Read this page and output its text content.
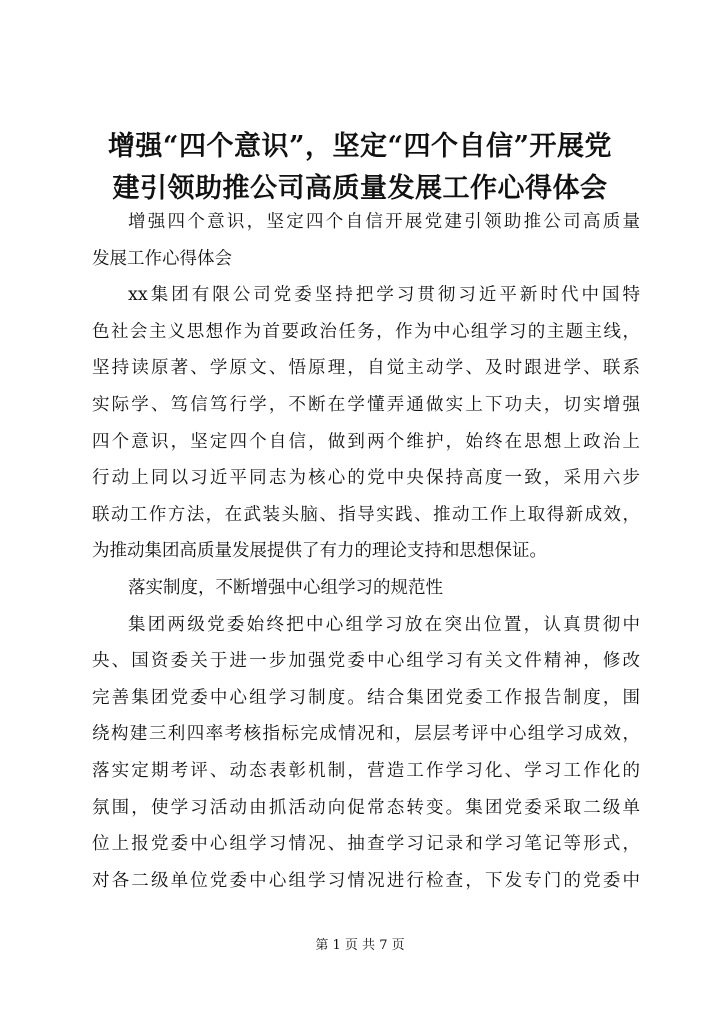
增强“四个意识”，坚定“四个自信”开展党
建引领助推公司高质量发展工作心得体会
增强四个意识，坚定四个自信开展党建引领助推公司高质量
发展工作心得体会
xx集团有限公司党委坚持把学习贯彻习近平新时代中国特
色社会主义思想作为首要政治任务，作为中心组学习的主题主线，
坚持读原著、学原文、悟原理，自觉主动学、及时跟进学、联系
实际学、笃信笃行学，不断在学懂弄通做实上下功夫，切实增强
四个意识，坚定四个自信，做到两个维护，始终在思想上政治上
行动上同以习近平同志为核心的党中央保持高度一致，采用六步
联动工作方法，在武装头脑、指导实践、推动工作上取得新成效，
为推动集团高质量发展提供了有力的理论支持和思想保证。
落实制度，不断增强中心组学习的规范性
集团两级党委始终把中心组学习放在突出位置，认真贯彻中
央、国资委关于进一步加强党委中心组学习有关文件精神，修改
完善集团党委中心组学习制度。结合集团党委工作报告制度，围
绕构建三利四率考核指标完成情况和，层层考评中心组学习成效，
落实定期考评、动态表彰机制，营造工作学习化、学习工作化的
氛围，使学习活动由抓活动向促常态转变。集团党委采取二级单
位上报党委中心组学习情况、抽查学习记录和学习笔记等形式，
对各二级单位党委中心组学习情况进行检查，下发专门的党委中
第 1 页 共 7 页
